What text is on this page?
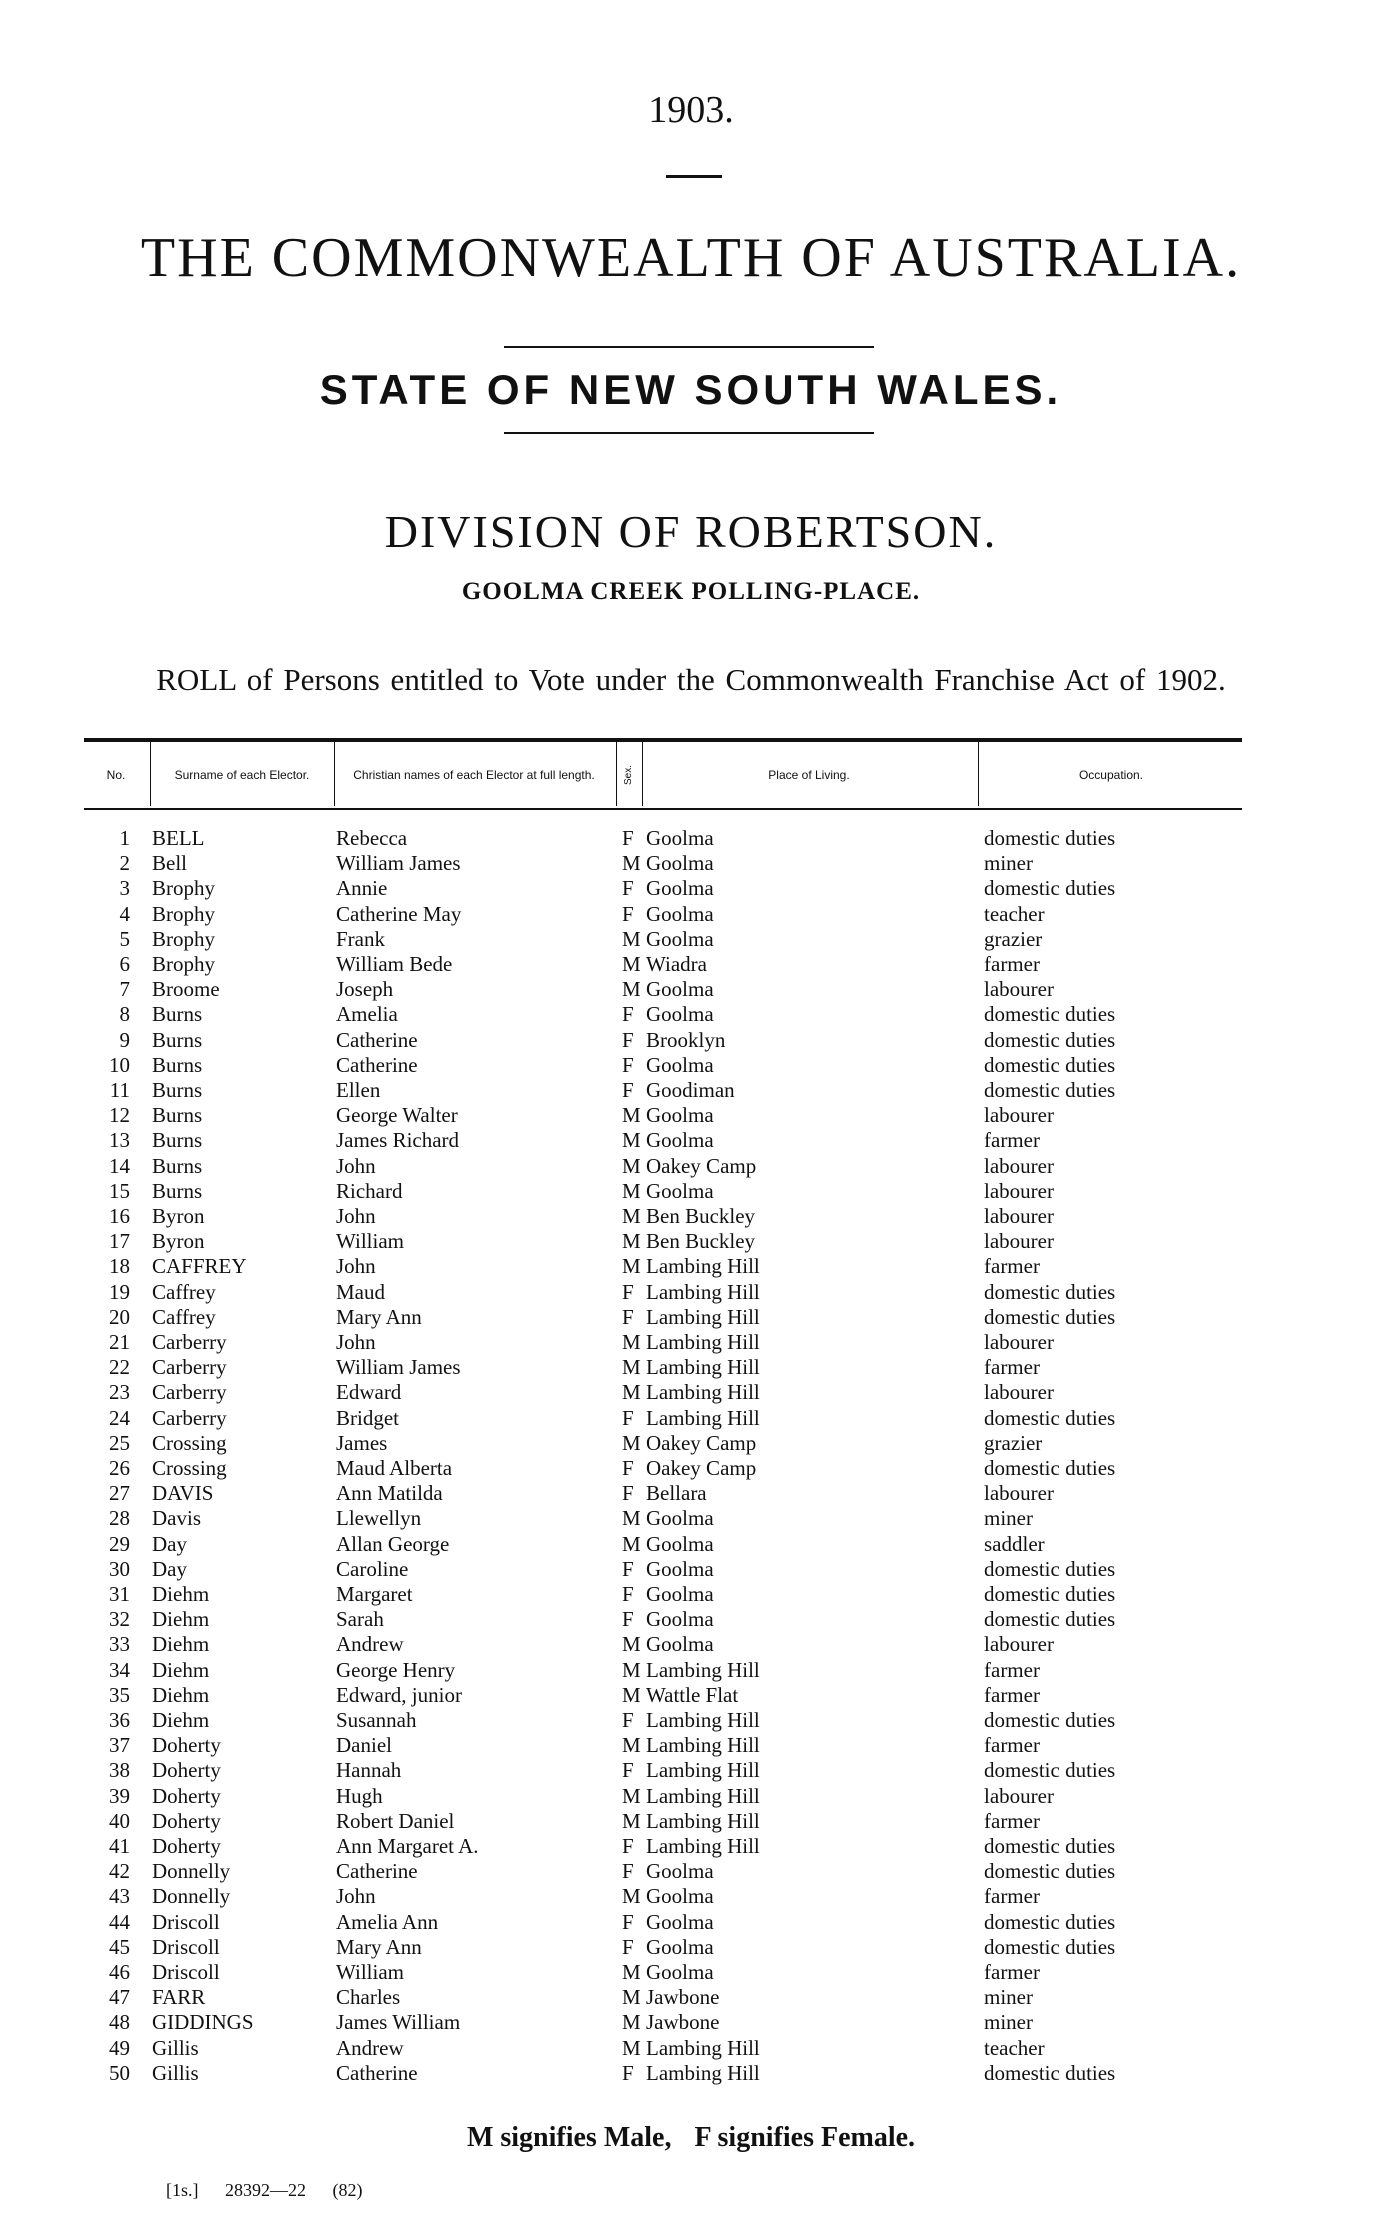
1903.
THE COMMONWEALTH OF AUSTRALIA.
STATE OF NEW SOUTH WALES.
DIVISION OF ROBERTSON.
GOOLMA CREEK POLLING-PLACE.
ROLL of Persons entitled to Vote under the Commonwealth Franchise Act of 1902.
No.	Surname of each Elector.	Christian names of each Elector at full length.	Sex.	Place of Living.	Occupation.
1 BELL	Rebecca	F Goolma	domestic duties
2 Bell	William James	M Goolma	miner
3 Brophy	Annie	F Goolma	domestic duties
4 Brophy	Catherine May	F Goolma	teacher
5 Brophy	Frank	M Goolma	grazier
6 Brophy	William Bede	M Wiadra	farmer
7 Broome	Joseph	M Goolma	labourer
8 Burns	Amelia	F Goolma	domestic duties
9 Burns	Catherine	F Brooklyn	domestic duties
10 Burns	Catherine	F Goolma	domestic duties
11 Burns	Ellen	F Goodiman	domestic duties
12 Burns	George Walter	M Goolma	labourer
13 Burns	James Richard	M Goolma	farmer
14 Burns	John	M Oakey Camp	labourer
15 Burns	Richard	M Goolma	labourer
16 Byron	John	M Ben Buckley	labourer
17 Byron	William	M Ben Buckley	labourer
18 CAFFREY	John	M Lambing Hill	farmer
19 Caffrey	Maud	F Lambing Hill	domestic duties
20 Caffrey	Mary Ann	F Lambing Hill	domestic duties
21 Carberry	John	M Lambing Hill	labourer
22 Carberry	William James	M Lambing Hill	farmer
23 Carberry	Edward	M Lambing Hill	labourer
24 Carberry	Bridget	F Lambing Hill	domestic duties
25 Crossing	James	M Oakey Camp	grazier
26 Crossing	Maud Alberta	F Oakey Camp	domestic duties
27 DAVIS	Ann Matilda	F Bellara	labourer
28 Davis	Llewellyn	M Goolma	miner
29 Day	Allan George	M Goolma	saddler
30 Day	Caroline	F Goolma	domestic duties
31 Diehm	Margaret	F Goolma	domestic duties
32 Diehm	Sarah	F Goolma	domestic duties
33 Diehm	Andrew	M Goolma	labourer
34 Diehm	George Henry	M Lambing Hill	farmer
35 Diehm	Edward, junior	M Wattle Flat	farmer
36 Diehm	Susannah	F Lambing Hill	domestic duties
37 Doherty	Daniel	M Lambing Hill	farmer
38 Doherty	Hannah	F Lambing Hill	domestic duties
39 Doherty	Hugh	M Lambing Hill	labourer
40 Doherty	Robert Daniel	M Lambing Hill	farmer
41 Doherty	Ann Margaret A.	F Lambing Hill	domestic duties
42 Donnelly	Catherine	F Goolma	domestic duties
43 Donnelly	John	M Goolma	farmer
44 Driscoll	Amelia Ann	F Goolma	domestic duties
45 Driscoll	Mary Ann	F Goolma	domestic duties
46 Driscoll	William	M Goolma	farmer
47 FARR	Charles	M Jawbone	miner
48 GIDDINGS	James William	M Jawbone	miner
49 Gillis	Andrew	M Lambing Hill	teacher
50 Gillis	Catherine	F Lambing Hill	domestic duties
M signifies Male, F signifies Female.
[1s.] 28392—22 (82)
